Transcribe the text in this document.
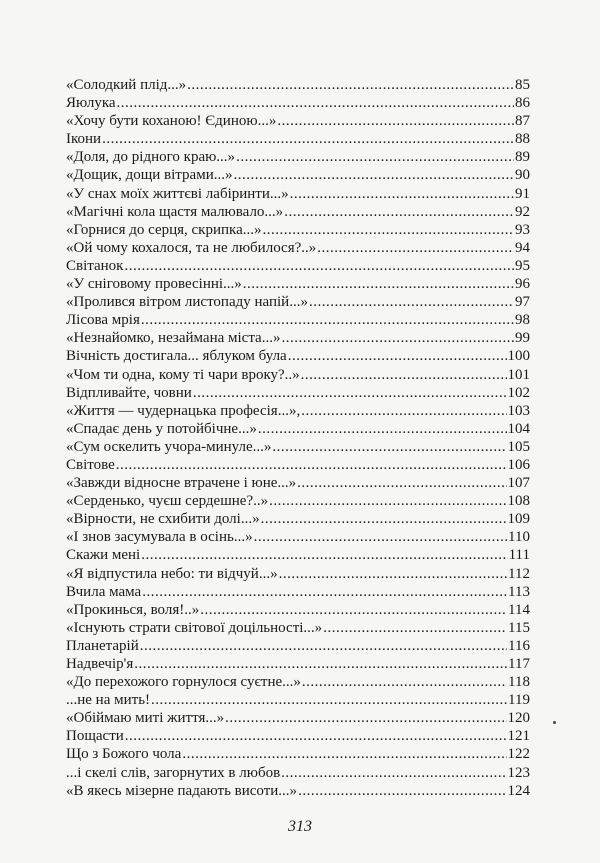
«Солодкий плід...» .....	85
Яюлука .....	86
«Хочу бути коханою! Єдиною...» .....	87
Ікони .....	88
«Доля, до рідного краю...» .....	89
«Дощик, дощи вітрами...» .....	90
«У снах моїх життєві лабіринти...» .....	91
«Магічні кола щастя малювало...» .....	92
«Горнися до серця, скрипка...» .....	93
«Ой чому кохалося, та не любилося?..» .....	94
Світанок .....	95
«У сніговому провесінні...» .....	96
«Пролився вітром листопаду напій...» .....	97
Лісова мрія .....	98
«Незнайомко, незаймана міста...» .....	99
Вічність достигала... яблуком була .....	100
«Чом ти одна, кому ті чари вроку?..» .....	101
Відпливайте, човни .....	102
«Життя — чудернацька професія...», .....	103
«Спадає день у потойбічне...» .....	104
«Сум оскелить учора-минуле...» .....	105
Світове .....	106
«Завжди відносне втрачене і юне...» .....	107
«Серденько, чуєш сердешне?..» .....	108
«Вірности, не схибити долі...» .....	109
«І знов засумувала в осінь...» .....	110
Скажи мені .....	111
«Я відпустила небо: ти відчуй...» .....	112
Вчила мама .....	113
«Прокинься, воля!..» .....	114
«Існують страти світової доцільності...» .....	115
Планетарій .....	116
Надвечір'я .....	117
«До перехожого горнулося суєтне...» .....	118
...не на мить! .....	119
«Обіймаю миті життя...» .....	120
Пощасти .....	121
Що з Божого чола .....	122
...і скелі слів, загорнутих в любов .....	123
«В якесь мізерне падають висоти...» .....	124
313
